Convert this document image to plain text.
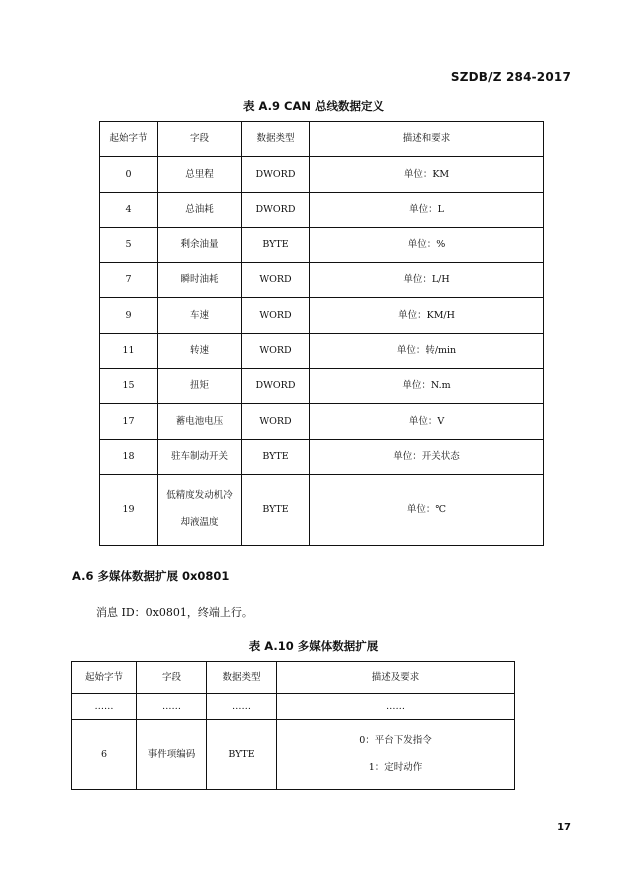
SZDB/Z 284-2017
表 A.9 CAN 总线数据定义
起始字节	字段	数据类型	描述和要求
0	总里程	DWORD	单位：KM
4	总油耗	DWORD	单位：L
5	剩余油量	BYTE	单位：%
7	瞬时油耗	WORD	单位：L/H
9	车速	WORD	单位：KM/H
11	转速	WORD	单位：转/min
15	扭矩	DWORD	单位：N.m
17	蓄电池电压	WORD	单位：V
18	驻车制动开关	BYTE	单位：开关状态
19	低精度发动机冷
却液温度	BYTE	单位：℃
A.6 多媒体数据扩展 0x0801
消息 ID：0x0801，终端上行。
表 A.10 多媒体数据扩展
起始字节	字段	数据类型	描述及要求
……	……	……	……
6	事件项编码	BYTE	0：平台下发指令
1：定时动作
17
